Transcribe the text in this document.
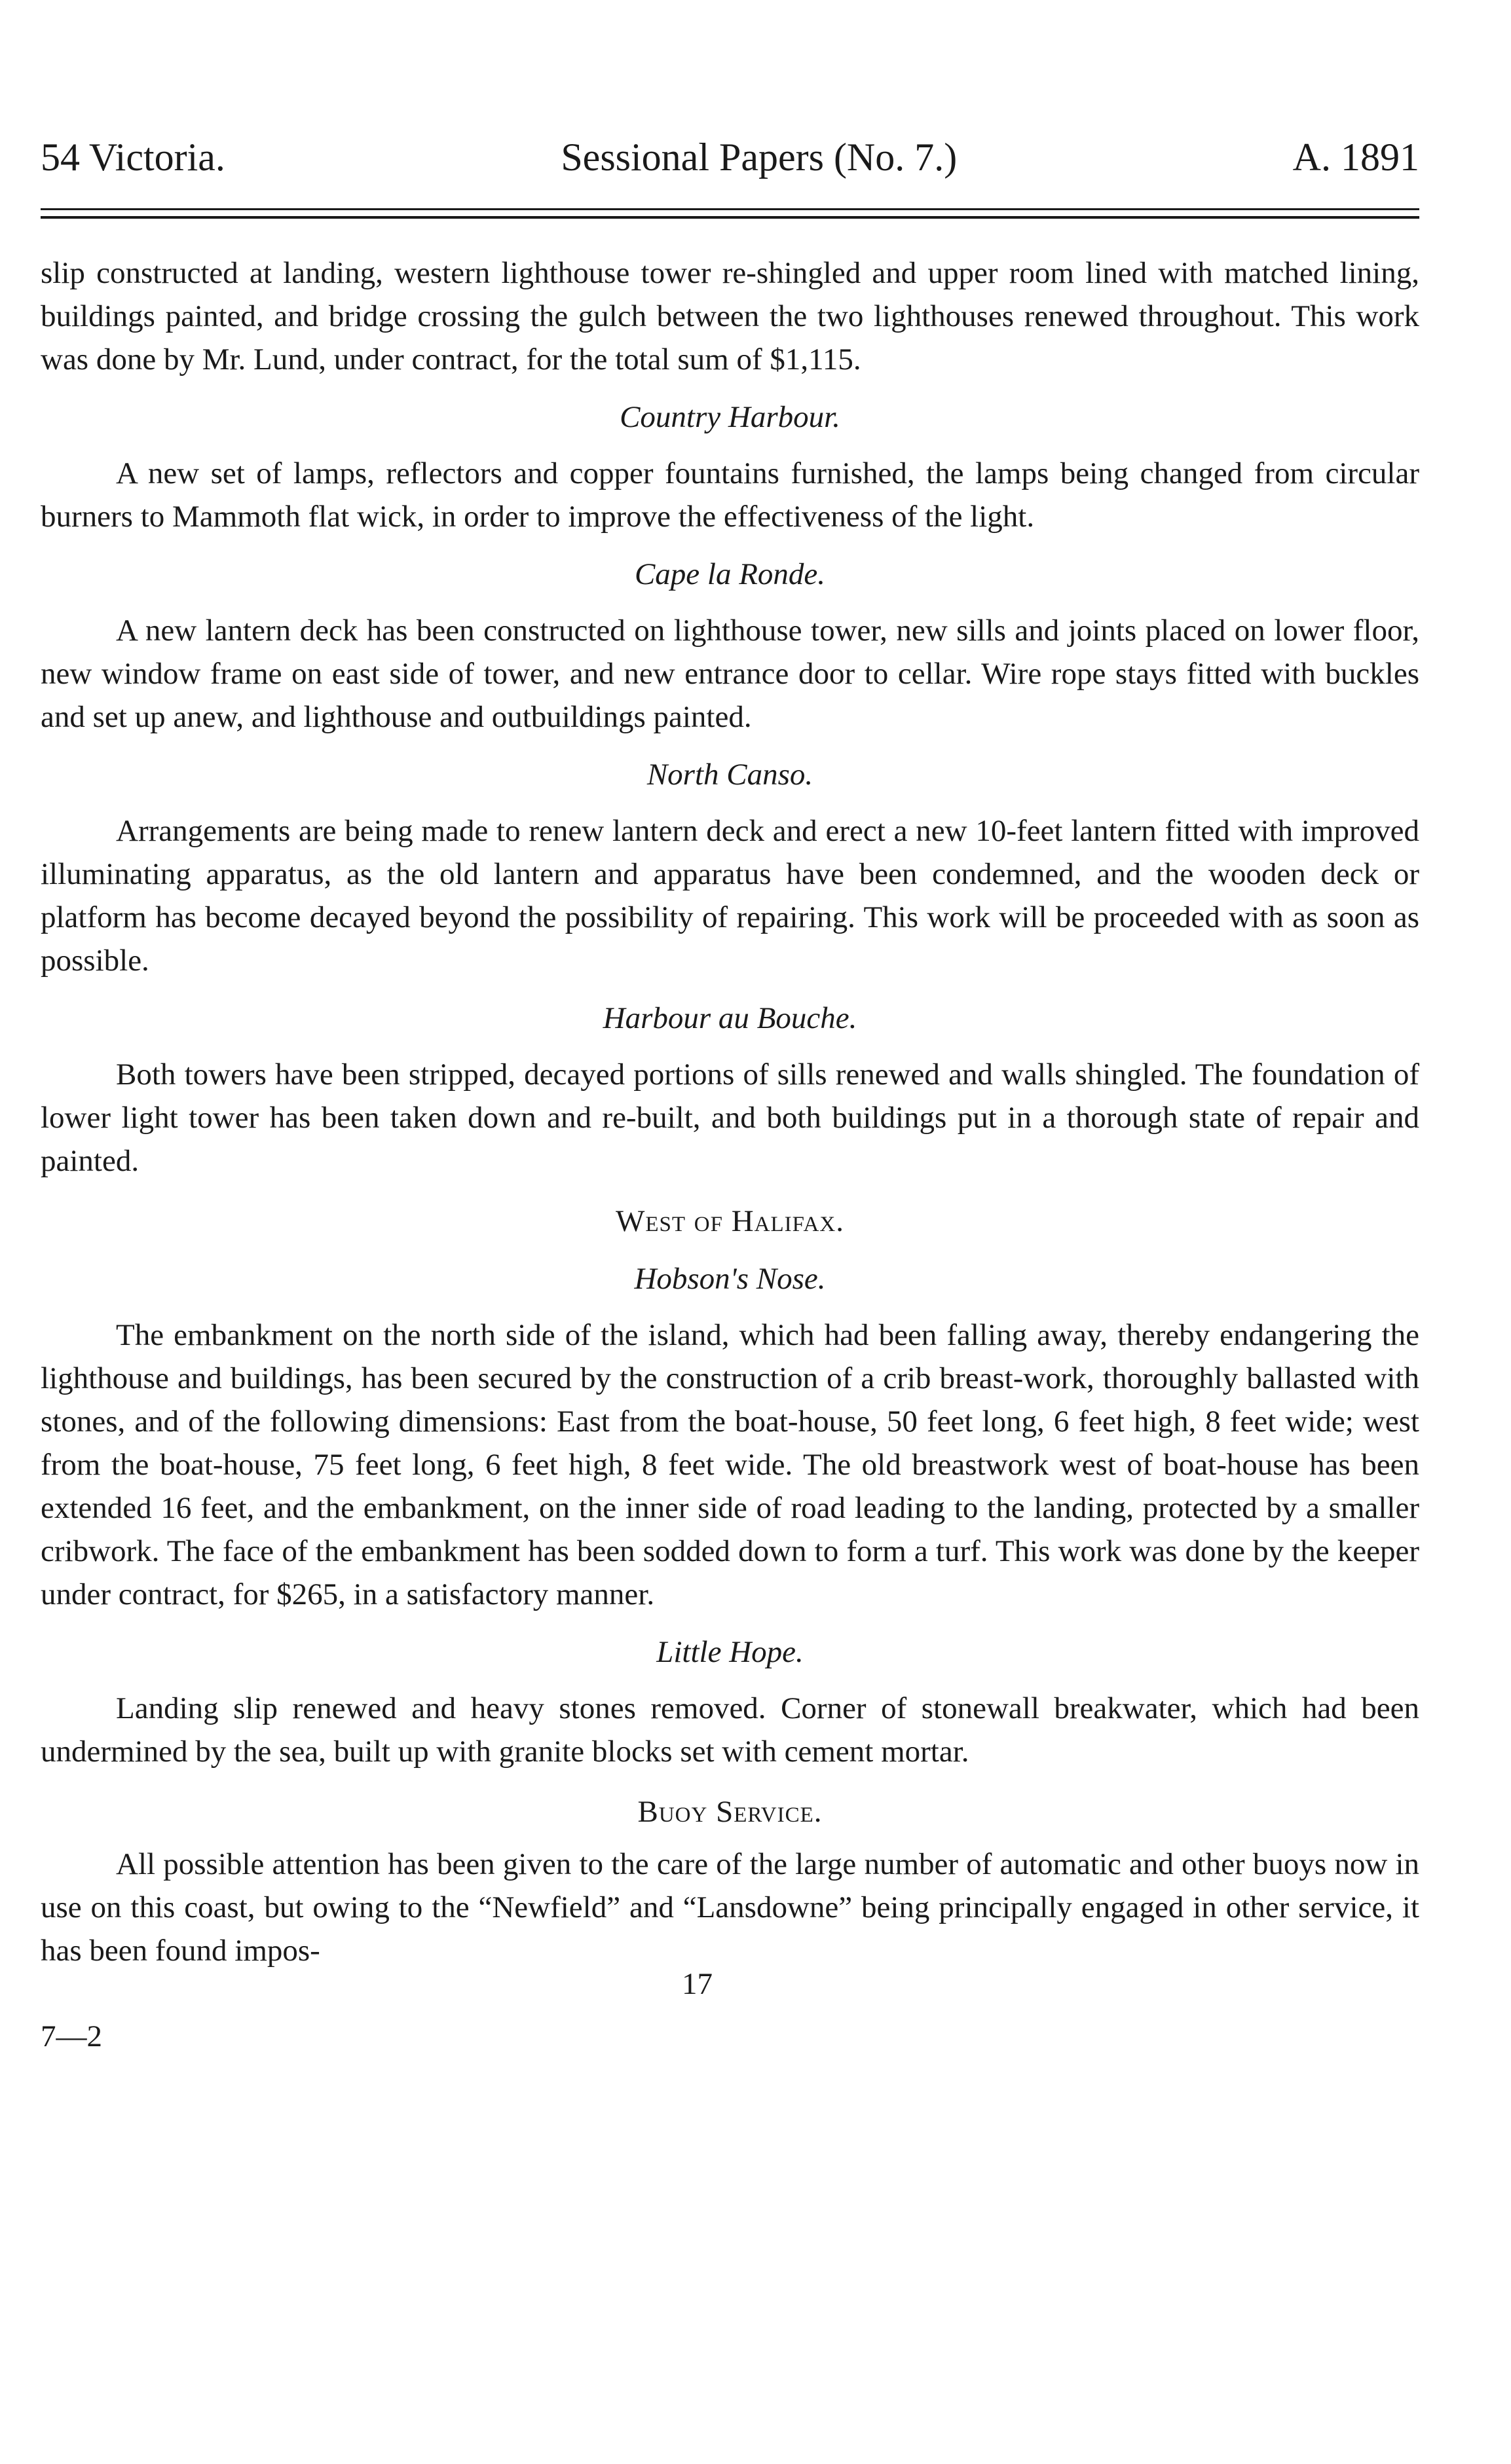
54 Victoria.	Sessional Papers (No. 7.)	A. 1891

slip constructed at landing, western lighthouse tower re-shingled and upper room lined with matched lining, buildings painted, and bridge crossing the gulch between the two lighthouses renewed throughout. This work was done by Mr. Lund, under contract, for the total sum of $1,115.

Country Harbour.

A new set of lamps, reflectors and copper fountains furnished, the lamps being changed from circular burners to Mammoth flat wick, in order to improve the effectiveness of the light.

Cape la Ronde.

A new lantern deck has been constructed on lighthouse tower, new sills and joints placed on lower floor, new window frame on east side of tower, and new entrance door to cellar. Wire rope stays fitted with buckles and set up anew, and lighthouse and outbuildings painted.

North Canso.

Arrangements are being made to renew lantern deck and erect a new 10-feet lantern fitted with improved illuminating apparatus, as the old lantern and apparatus have been condemned, and the wooden deck or platform has become decayed beyond the possibility of repairing. This work will be proceeded with as soon as possible.

Harbour au Bouche.

Both towers have been stripped, decayed portions of sills renewed and walls shingled. The foundation of lower light tower has been taken down and re-built, and both buildings put in a thorough state of repair and painted.

West of Halifax.
Hobson's Nose.

The embankment on the north side of the island, which had been falling away, thereby endangering the lighthouse and buildings, has been secured by the construction of a crib breast-work, thoroughly ballasted with stones, and of the following dimensions: East from the boat-house, 50 feet long, 6 feet high, 8 feet wide; west from the boat-house, 75 feet long, 6 feet high, 8 feet wide. The old breastwork west of boat-house has been extended 16 feet, and the embankment, on the inner side of road leading to the landing, protected by a smaller cribwork. The face of the embankment has been sodded down to form a turf. This work was done by the keeper under contract, for $265, in a satisfactory manner.

Little Hope.

Landing slip renewed and heavy stones removed. Corner of stonewall breakwater, which had been undermined by the sea, built up with granite blocks set with cement mortar.

Buoy Service.

All possible attention has been given to the care of the large number of automatic and other buoys now in use on this coast, but owing to the “Newfield” and “Lansdowne” being principally engaged in other service, it has been found impos-

17
7—2
